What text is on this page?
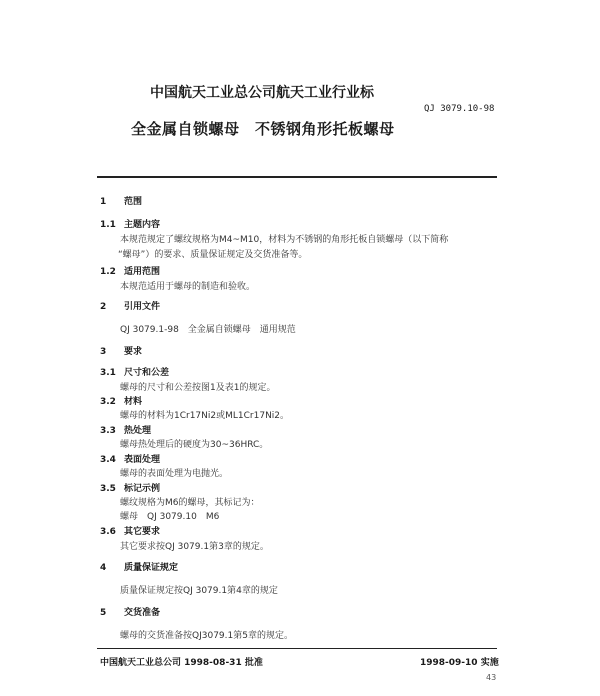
中国航天工业总公司航天工业行业标
QJ 3079.10-98
全金属自锁螺母　不锈钢角形托板螺母
1 范围
1.1 主题内容
本规范规定了螺纹规格为M4~M10，材料为不锈钢的角形托板自锁螺母（以下简称
“螺母”）的要求、质量保证规定及交货准备等。
1.2 适用范围
本规范适用于螺母的制造和验收。
2 引用文件
QJ 3079.1-98　全金属自锁螺母　通用规范
3 要求
3.1 尺寸和公差
螺母的尺寸和公差按图1及表1的规定。
3.2 材料
螺母的材料为1Cr17Ni2或ML1Cr17Ni2。
3.3 热处理
螺母热处理后的硬度为30~36HRC。
3.4 表面处理
螺母的表面处理为电抛光。
3.5 标记示例
螺纹规格为M6的螺母，其标记为：
螺母　QJ 3079.10　M6
3.6 其它要求
其它要求按QJ 3079.1第3章的规定。
4 质量保证规定
质量保证规定按QJ 3079.1第4章的规定
5 交货准备
螺母的交货准备按QJ3079.1第5章的规定。
中国航天工业总公司 1998-08-31 批准	1998-09-10 实施
43
